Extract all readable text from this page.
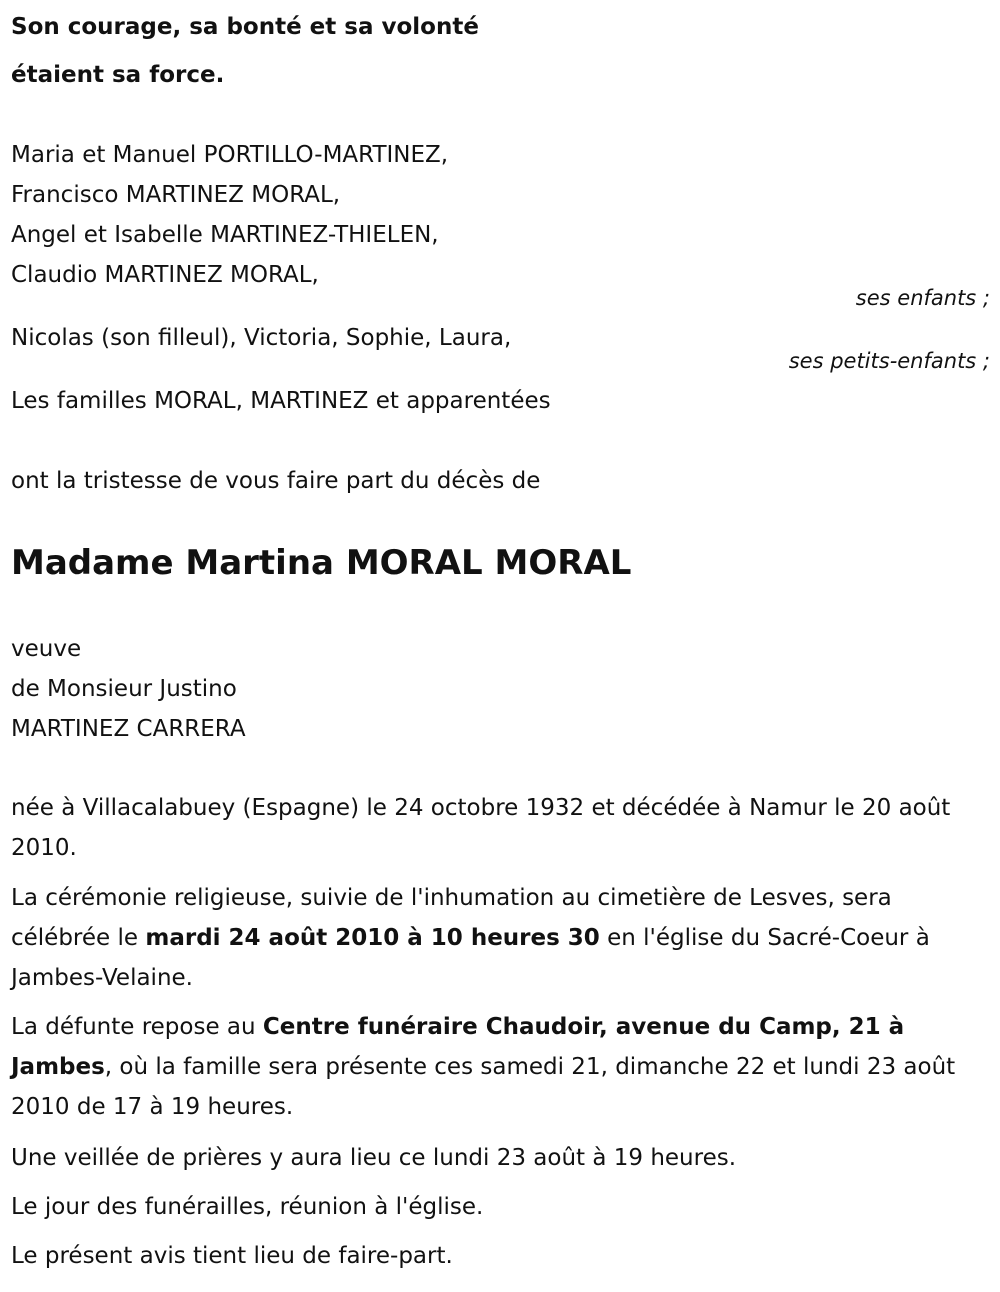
Son courage, sa bonté et sa volonté
étaient sa force.
Maria et Manuel PORTILLO-MARTINEZ,
Francisco MARTINEZ MORAL,
Angel et Isabelle MARTINEZ-THIELEN,
Claudio MARTINEZ MORAL,
ses enfants ;
Nicolas (son filleul), Victoria, Sophie, Laura,
ses petits-enfants ;
Les familles MORAL, MARTINEZ et apparentées
ont la tristesse de vous faire part du décès de
Madame Martina MORAL MORAL
veuve
de Monsieur Justino
MARTINEZ CARRERA
née à Villacalabuey (Espagne) le 24 octobre 1932 et décédée à Namur le 20 août 2010.
La cérémonie religieuse, suivie de l'inhumation au cimetière de Lesves, sera célébrée le mardi 24 août 2010 à 10 heures 30 en l'église du Sacré-Coeur à Jambes-Velaine.
La défunte repose au Centre funéraire Chaudoir, avenue du Camp, 21 à Jambes, où la famille sera présente ces samedi 21, dimanche 22 et lundi 23 août 2010 de 17 à 19 heures.
Une veillée de prières y aura lieu ce lundi 23 août à 19 heures.
Le jour des funérailles, réunion à l'église.
Le présent avis tient lieu de faire-part.
